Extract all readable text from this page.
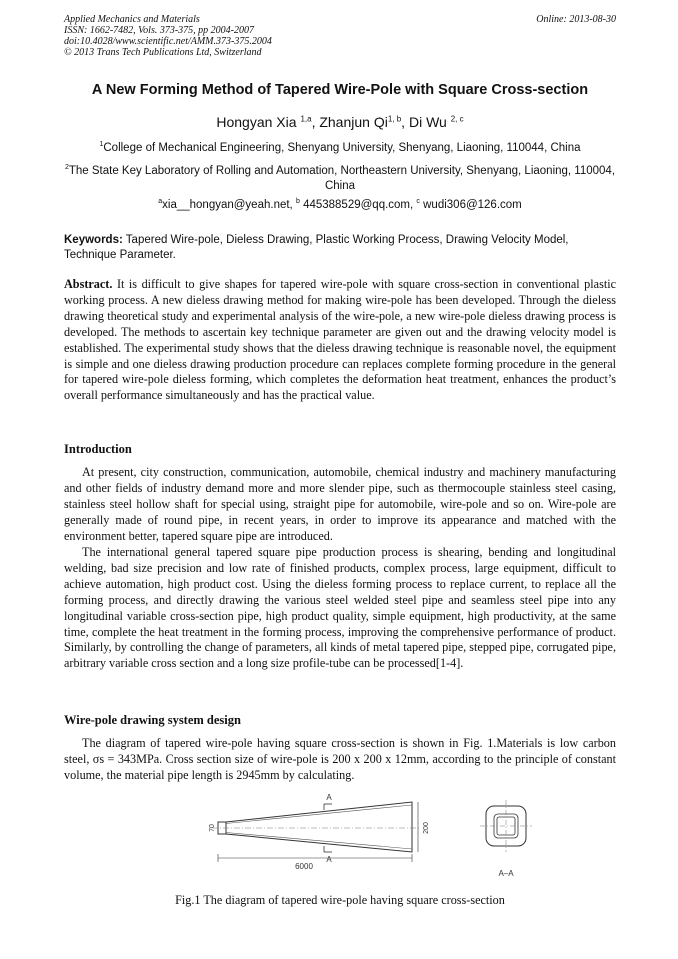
Applied Mechanics and Materials
ISSN: 1662-7482, Vols. 373-375, pp 2004-2007
doi:10.4028/www.scientific.net/AMM.373-375.2004
© 2013 Trans Tech Publications Ltd, Switzerland
Online: 2013-08-30
A New Forming Method of Tapered Wire-Pole with Square Cross-section
Hongyan Xia $^{1,a}$, Zhanjun Qi$^{1, b}$, Di Wu $^{2, c}$
$^1$College of Mechanical Engineering, Shenyang University, Shenyang, Liaoning, 110044, China
$^2$The State Key Laboratory of Rolling and Automation, Northeastern University, Shenyang, Liaoning, 110004, China
$^a$xia__hongyan@yeah.net, $^b$ 445388529@qq.com, $^c$ wudi306@126.com
Keywords: Tapered Wire-pole, Dieless Drawing, Plastic Working Process, Drawing Velocity Model, Technique Parameter.
Abstract. It is difficult to give shapes for tapered wire-pole with square cross-section in conventional plastic working process. A new dieless drawing method for making wire-pole has been developed. Through the dieless drawing theoretical study and experimental analysis of the wire-pole, a new wire-pole dieless drawing process is developed. The methods to ascertain key technique parameter are given out and the drawing velocity model is established. The experimental study shows that the dieless drawing technique is reasonable novel, the equipment is simple and one dieless drawing production procedure can replaces complete forming procedure in the general for tapered wire-pole dieless forming, which completes the deformation heat treatment, enhances the product’s overall performance simultaneously and has the practical value.
Introduction
At present, city construction, communication, automobile, chemical industry and machinery manufacturing and other fields of industry demand more and more slender pipe, such as thermocouple stainless steel casing, stainless steel hollow shaft for special using, straight pipe for automobile, wire-pole and so on. Wire-pole are generally made of round pipe, in recent years, in order to improve its appearance and matched with the environment better, tapered square pipe are introduced.
The international general tapered square pipe production process is shearing, bending and longitudinal welding, bad size precision and low rate of finished products, complex process, large equipment, difficult to achieve automation, high product cost. Using the dieless forming process to replace current, to replace all the forming process, and directly drawing the various steel welded steel pipe and seamless steel pipe into any longitudinal variable cross-section pipe, high product quality, simple equipment, high productivity, at the same time, complete the heat treatment in the forming process, improving the comprehensive performance of product. Similarly, by controlling the change of parameters, all kinds of metal tapered pipe, stepped pipe, corrugated pipe, arbitrary variable cross section and a long size profile-tube can be processed[1-4].
Wire-pole drawing system design
The diagram of tapered wire-pole having square cross-section is shown in Fig. 1.Materials is low carbon steel, σs = 343MPa. Cross section size of wire-pole is 200 x 200 x 12mm, according to the principle of constant volume, the material pipe length is 2945mm by calculating.
A
A
70	200
6000
A–A
Fig.1 The diagram of tapered wire-pole having square cross-section
